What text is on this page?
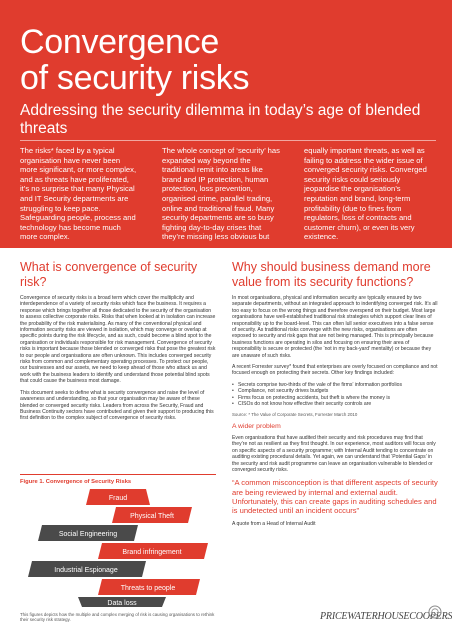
Convergence
of security risks
Addressing the security dilemma in today’s age of blended threats
The risks* faced by a typical organisation have never been more significant, or more complex, and as threats have proliferated, it’s no surprise that many Physical and IT Security departments are struggling to keep pace. Safeguarding people, process and technology has become much more complex.
The whole concept of ‘security’ has expanded way beyond the traditional remit into areas like brand and IP protection, human protection, loss prevention, organised crime, parallel trading, online and traditional fraud. Many security departments are so busy fighting day-to-day crises that they’re missing less obvious but
equally important threats, as well as failing to address the wider issue of converged security risks. Converged security risks could seriously jeopardise the organisation’s reputation and brand, long-term profitability (due to fines from regulators, loss of contracts and customer churn), or even its very existence.
* Risks = Threat and vulnerabilities
What is convergence of security risk?

Convergence of security risks is a broad term which cover the multiplicity and interdependence of a variety of security risks which face the business. It requires a response which brings together all those dedicated to the security of the organisation to assess collective corporate risks. Risks that when looked at in isolation can increase the probability of the risk materialising. As many of the conventional physical and information security risks are viewed in isolation, which may converge or overlap at specific points during the risk lifecycle, and as such, could become a blind spot to the organisation or individuals responsible for risk management. Convergence of security risks is important because those blended or converged risks that pose the greatest risk to our people and organisations are often unknown. This includes converged security risks from common and complementary operating processes. To protect our people, our businesses and our assets, we need to keep ahead of those who attack us and work with the business leaders to identify and understand those potential blind spots that could cause the business most damage.

This document seeks to define what is security convergence and raise the level of awareness and understanding, so that your organisation may be aware of these blended or converged security risks. Leaders from across the Security, Fraud and Business Continuity sectors have contributed and given their support to producing this first definition to the complex subject of convergence of security risks.

Figure 1. Convergence of Security Risks
Fraud
Physical Theft
Social Engineering
Brand infringement
Industrial Espionage
Threats to people
Data loss
This figures depicts how the multiple and complex merging of risk is causing organisations to rethink their security risk strategy.
Why should business demand more value from its security functions?

In most organisations, physical and information security are typically ensured by two separate departments, without an integrated approach to indentifying converged risk. It’s all too easy to focus on the wrong things and therefore overspend on their budget. Most large organisations have well-established traditional risk strategies which support clear lines of responsibility up to the board-level. This can often lull senior executives into a false sense of security. As traditional risks converge with the new risks, organisations are often exposed to security and risk gaps that are not being managed. This is principally because business functions are operating in silos and focusing on ensuring their area of responsibility is secure or protected (the ‘not in my back-yard’ mentality) or because they are unaware of such risks.

A recent Forrester survey* found that enterprises are overly focused on compliance and not focused enough on protecting their secrets. Other key findings included:

• Secrets comprise two-thirds of the vale of the firms’ information portfolios
• Compliance, not security drives budgets
• Firms focus on protecting accidents, but theft is where the money is
• CISOs do not know how effective their security controls are
Source: * The Value of Corporate Secrets, Forrester March 2010
A wider problem

Even organisations that have audited their security and risk procedures may find that they’re not as resilient as they first thought. In our experience, most auditors will focus only on specific aspects of a security programme; with Internal Audit tending to concentrate on auditing existing procedural details. Yet again, we can understand that ‘Potential Gaps’ in the security and risk audit programme can leave an organisation vulnerable to blended or converged security risks.

“A common misconception is that different aspects of security are being reviewed by internal and external audit. Unfortunately, this can create gaps in auditing schedules and is undetected until an incident occurs”
A quote from a Head of Internal Audit
PRICEWATERHOUSECOOPERS
